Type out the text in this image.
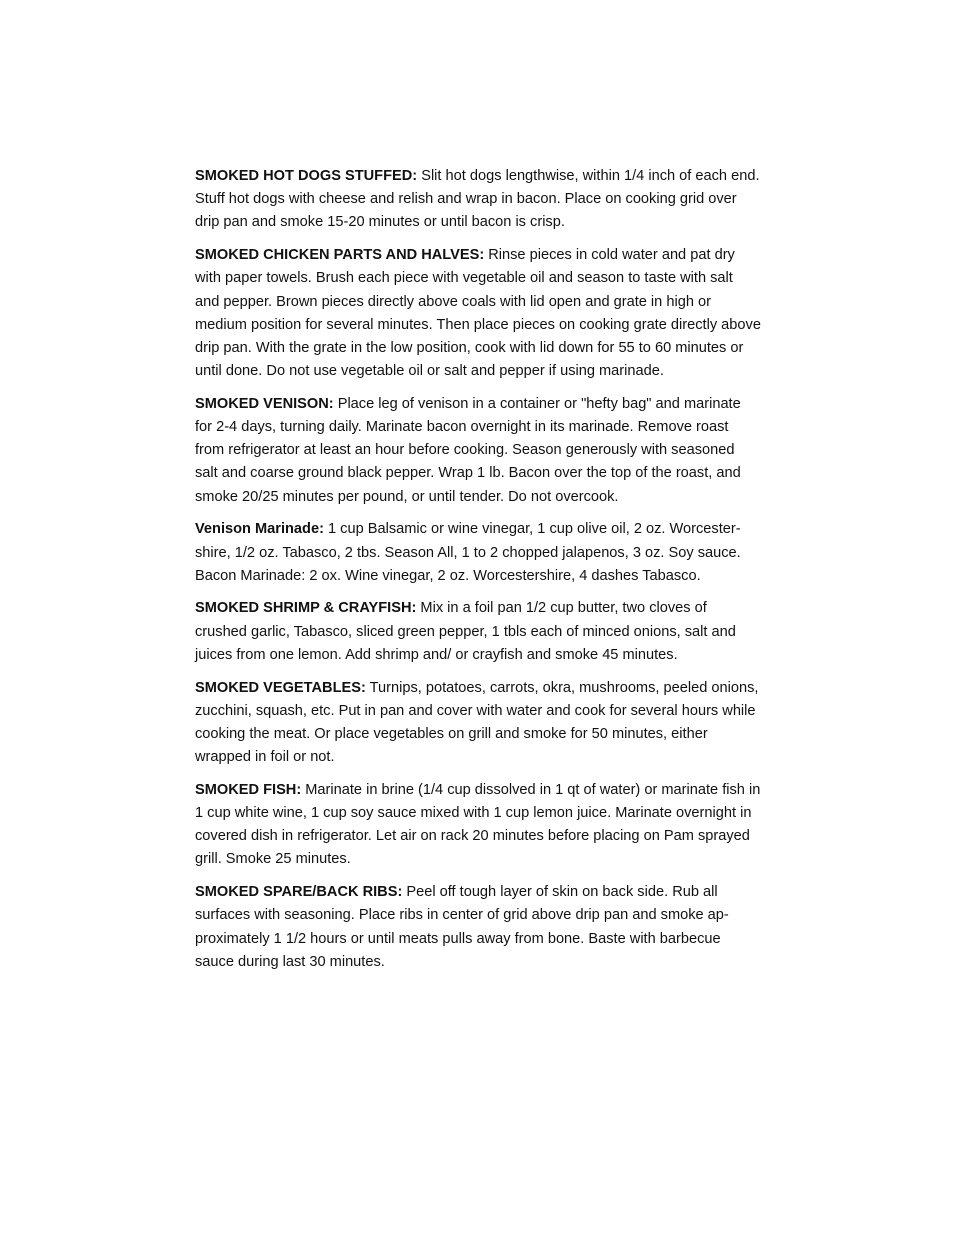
SMOKED HOT DOGS STUFFED: Slit hot dogs lengthwise, within 1/4 inch of each end. Stuff hot dogs with cheese and relish and wrap in bacon. Place on cooking grid over drip pan and smoke 15-20 minutes or until bacon is crisp.

SMOKED CHICKEN PARTS AND HALVES: Rinse pieces in cold water and pat dry with paper towels. Brush each piece with vegetable oil and season to taste with salt and pepper. Brown pieces directly above coals with lid open and grate in high or medium position for several minutes. Then place pieces on cooking grate directly above drip pan. With the grate in the low position, cook with lid down for 55 to 60 minutes or until done. Do not use vegetable oil or salt and pepper if using marinade.

SMOKED VENISON: Place leg of venison in a container or "hefty bag" and marinate for 2-4 days, turning daily. Marinate bacon overnight in its marinade. Remove roast from refrigerator at least an hour before cooking. Season generously with seasoned salt and coarse ground black pepper. Wrap 1 lb. Bacon over the top of the roast, and smoke 20/25 minutes per pound, or until tender. Do not overcook.

Venison Marinade: 1 cup Balsamic or wine vinegar, 1 cup olive oil, 2 oz. Worcestershire, 1/2 oz. Tabasco, 2 tbs. Season All, 1 to 2 chopped jalapenos, 3 oz. Soy sauce. Bacon Marinade: 2 ox. Wine vinegar, 2 oz. Worcestershire, 4 dashes Tabasco.

SMOKED SHRIMP & CRAYFISH: Mix in a foil pan 1/2 cup butter, two cloves of crushed garlic, Tabasco, sliced green pepper, 1 tbls each of minced onions, salt and juices from one lemon. Add shrimp and/ or crayfish and smoke 45 minutes.

SMOKED VEGETABLES: Turnips, potatoes, carrots, okra, mushrooms, peeled onions, zucchini, squash, etc. Put in pan and cover with water and cook for several hours while cooking the meat. Or place vegetables on grill and smoke for 50 minutes, either wrapped in foil or not.

SMOKED FISH: Marinate in brine (1/4 cup dissolved in 1 qt of water) or marinate fish in 1 cup white wine, 1 cup soy sauce mixed with 1 cup lemon juice. Marinate overnight in covered dish in refrigerator. Let air on rack 20 minutes before placing on Pam sprayed grill. Smoke 25 minutes.

SMOKED SPARE/BACK RIBS: Peel off tough layer of skin on back side. Rub all surfaces with seasoning. Place ribs in center of grid above drip pan and smoke approximately 1 1/2 hours or until meats pulls away from bone. Baste with barbecue sauce during last 30 minutes.
